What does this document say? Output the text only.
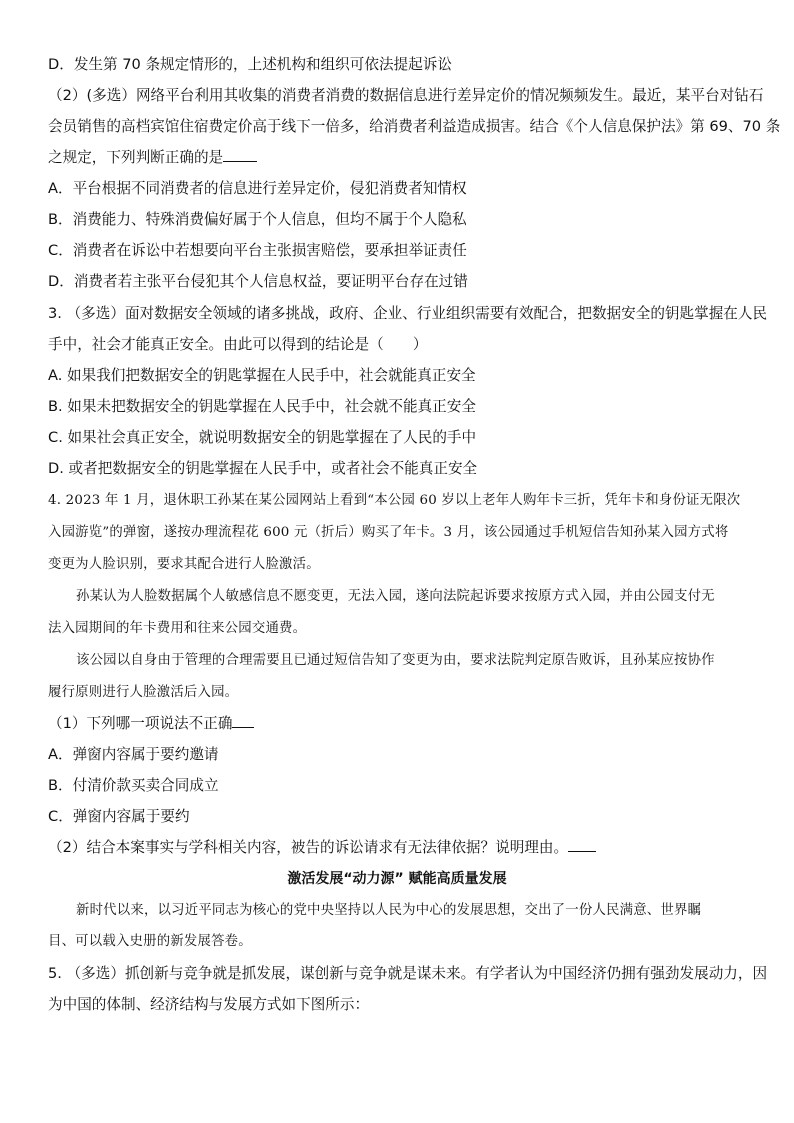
D．发生第 70 条规定情形的，上述机构和组织可依法提起诉讼
（2）(多选）网络平台利用其收集的消费者消费的数据信息进行差异定价的情况频频发生。最近，某平台对钻石
会员销售的高档宾馆住宿费定价高于线下一倍多，给消费者利益造成损害。结合《个人信息保护法》第 69、70 条
之规定，下列判断正确的是
A．平台根据不同消费者的信息进行差异定价，侵犯消费者知情权
B．消费能力、特殊消费偏好属于个人信息，但均不属于个人隐私
C．消费者在诉讼中若想要向平台主张损害赔偿，要承担举证责任
D．消费者若主张平台侵犯其个人信息权益，要证明平台存在过错
3. （多选）面对数据安全领域的诸多挑战，政府、企业、行业组织需要有效配合，把数据安全的钥匙掌握在人民
手中，社会才能真正安全。由此可以得到的结论是（　　）
A. 如果我们把数据安全的钥匙掌握在人民手中，社会就能真正安全
B. 如果未把数据安全的钥匙掌握在人民手中，社会就不能真正安全
C. 如果社会真正安全，就说明数据安全的钥匙掌握在了人民的手中
D. 或者把数据安全的钥匙掌握在人民手中，或者社会不能真正安全
4. 2023 年 1 月，退休职工孙某在某公园网站上看到“本公园 60 岁以上老年人购年卡三折，凭年卡和身份证无限次
入园游览”的弹窗，遂按办理流程花 600 元（折后）购买了年卡。3 月，该公园通过手机短信告知孙某入园方式将
变更为人脸识别，要求其配合进行人脸激活。
孙某认为人脸数据属个人敏感信息不愿变更，无法入园，遂向法院起诉要求按原方式入园，并由公园支付无
法入园期间的年卡费用和往来公园交通费。
该公园以自身由于管理的合理需要且已通过短信告知了变更为由，要求法院判定原告败诉，且孙某应按协作
履行原则进行人脸激活后入园。
（1）下列哪一项说法不正确
A．弹窗内容属于要约邀请
B．付清价款买卖合同成立
C．弹窗内容属于要约
（2）结合本案事实与学科相关内容，被告的诉讼请求有无法律依据？说明理由。
激活发展“动力源” 赋能高质量发展
新时代以来，以习近平同志为核心的党中央坚持以人民为中心的发展思想，交出了一份人民满意、世界瞩
目、可以载入史册的新发展答卷。
5. （多选）抓创新与竞争就是抓发展，谋创新与竞争就是谋未来。有学者认为中国经济仍拥有强劲发展动力，因
为中国的体制、经济结构与发展方式如下图所示：
